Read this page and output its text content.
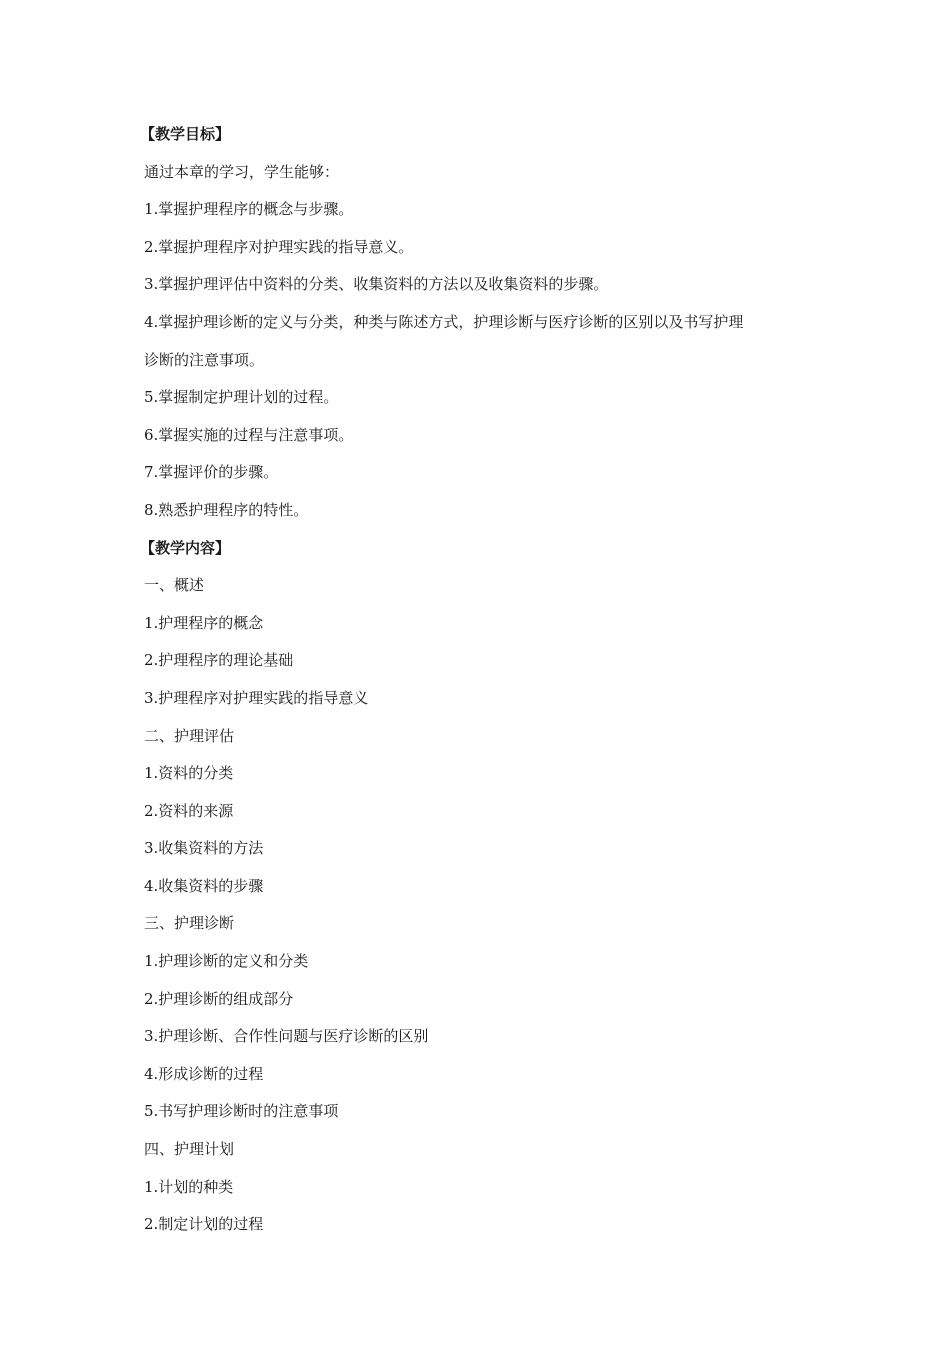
【教学目标】

通过本章的学习，学生能够：

1.掌握护理程序的概念与步骤。

2.掌握护理程序对护理实践的指导意义。

3.掌握护理评估中资料的分类、收集资料的方法以及收集资料的步骤。

4.掌握护理诊断的定义与分类，种类与陈述方式，护理诊断与医疗诊断的区别以及书写护理

诊断的注意事项。

5.掌握制定护理计划的过程。

6.掌握实施的过程与注意事项。

7.掌握评价的步骤。

8.熟悉护理程序的特性。

【教学内容】

一、概述

1.护理程序的概念

2.护理程序的理论基础

3.护理程序对护理实践的指导意义

二、护理评估

1.资料的分类

2.资料的来源

3.收集资料的方法

4.收集资料的步骤

三、护理诊断

1.护理诊断的定义和分类

2.护理诊断的组成部分

3.护理诊断、合作性问题与医疗诊断的区别

4.形成诊断的过程

5.书写护理诊断时的注意事项

四、护理计划

1.计划的种类

2.制定计划的过程
